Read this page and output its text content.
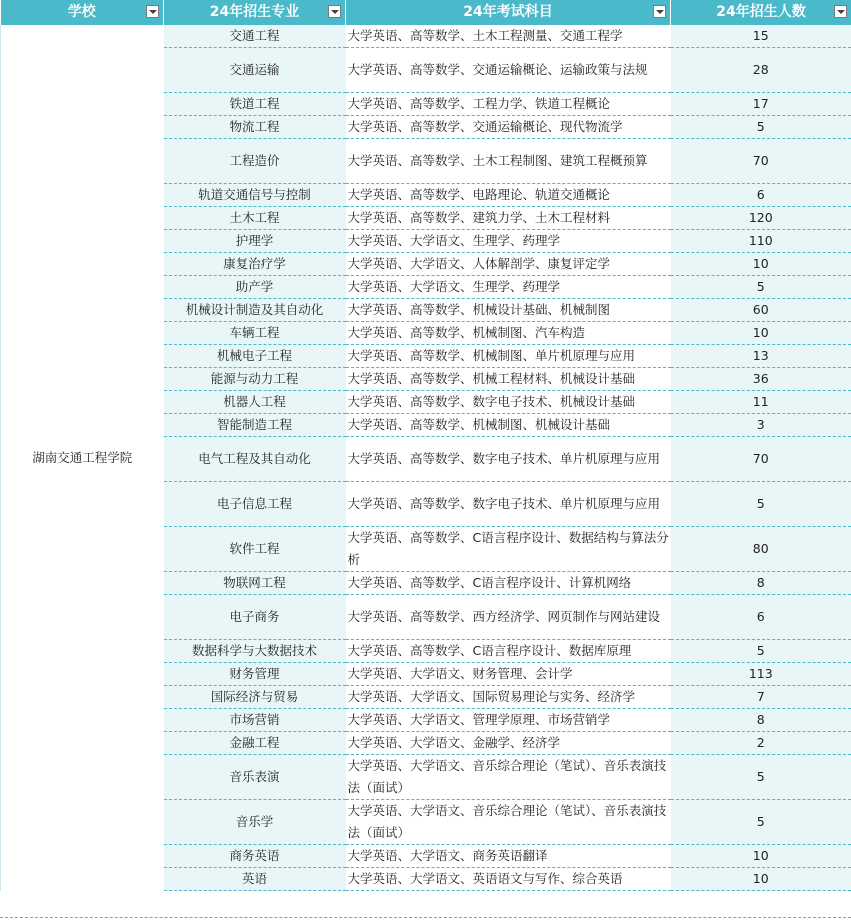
学校	24年招生专业	24年考试科目	24年招生人数

湖南交通工程学院	交通工程	大学英语、高等数学、土木工程测量、交通工程学	15
	交通运输	大学英语、高等数学、交通运输概论、运输政策与法规	28
	铁道工程	大学英语、高等数学、工程力学、铁道工程概论	17
	物流工程	大学英语、高等数学、交通运输概论、现代物流学	5
	工程造价	大学英语、高等数学、土木工程制图、建筑工程概预算	70
	轨道交通信号与控制	大学英语、高等数学、电路理论、轨道交通概论	6
	土木工程	大学英语、高等数学、建筑力学、土木工程材料	120
	护理学	大学英语、大学语文、生理学、药理学	110
	康复治疗学	大学英语、大学语文、人体解剖学、康复评定学	10
	助产学	大学英语、大学语文、生理学、药理学	5
	机械设计制造及其自动化	大学英语、高等数学、机械设计基础、机械制图	60
	车辆工程	大学英语、高等数学、机械制图、汽车构造	10
	机械电子工程	大学英语、高等数学、机械制图、单片机原理与应用	13
	能源与动力工程	大学英语、高等数学、机械工程材料、机械设计基础	36
	机器人工程	大学英语、高等数学、数字电子技术、机械设计基础	11
	智能制造工程	大学英语、高等数学、机械制图、机械设计基础	3
	电气工程及其自动化	大学英语、高等数学、数字电子技术、单片机原理与应用	70
	电子信息工程	大学英语、高等数学、数字电子技术、单片机原理与应用	5
	软件工程	大学英语、高等数学、C语言程序设计、数据结构与算法分析	80
	物联网工程	大学英语、高等数学、C语言程序设计、计算机网络	8
	电子商务	大学英语、高等数学、西方经济学、网页制作与网站建设	6
	数据科学与大数据技术	大学英语、高等数学、C语言程序设计、数据库原理	5
	财务管理	大学英语、大学语文、财务管理、会计学	113
	国际经济与贸易	大学英语、大学语文、国际贸易理论与实务、经济学	7
	市场营销	大学英语、大学语文、管理学原理、市场营销学	8
	金融工程	大学英语、大学语文、金融学、经济学	2
	音乐表演	大学英语、大学语文、音乐综合理论（笔试）、音乐表演技法（面试）	5
	音乐学	大学英语、大学语文、音乐综合理论（笔试）、音乐表演技法（面试）	5
	商务英语	大学英语、大学语文、商务英语翻译	10
	英语	大学英语、大学语文、英语语文与写作、综合英语	10
